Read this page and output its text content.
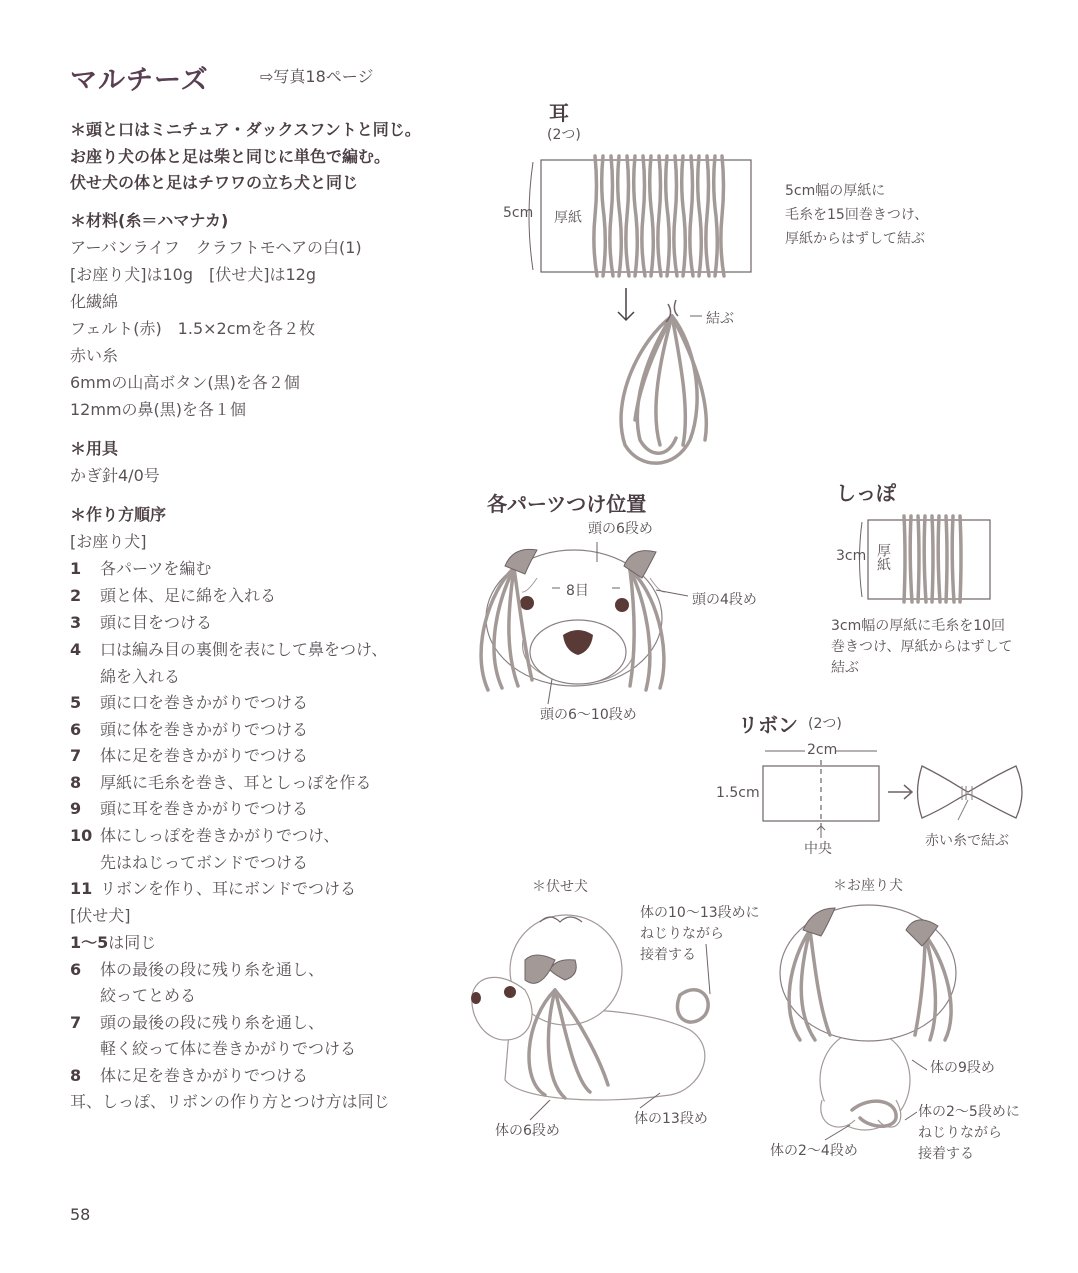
マルチーズ	⇨写真18ページ
＊頭と口はミニチュア・ダックスフントと同じ。
お座り犬の体と足は柴と同じに単色で編む。
伏せ犬の体と足はチワワの立ち犬と同じ
＊材料(糸＝ハマナカ)
アーバンライフ　クラフトモヘアの白(1)
[お座り犬]は10g　[伏せ犬]は12g
化繊綿
フェルト(赤)　1.5×2cmを各２枚
赤い糸
6mmの山高ボタン(黒)を各２個
12mmの鼻(黒)を各１個
＊用具
かぎ針4/0号
＊作り方順序
[お座り犬]
1 各パーツを編む
2 頭と体、足に綿を入れる
3 頭に目をつける
4 口は編み目の裏側を表にして鼻をつけ、
綿を入れる
5 頭に口を巻きかがりでつける
6 頭に体を巻きかがりでつける
7 体に足を巻きかがりでつける
8 厚紙に毛糸を巻き、耳としっぽを作る
9 頭に耳を巻きかがりでつける
10 体にしっぽを巻きかがりでつけ、
先はねじってボンドでつける
11 リボンを作り、耳にボンドでつける
[伏せ犬]
1～5は同じ
6 体の最後の段に残り糸を通し、
絞ってとめる
7 頭の最後の段に残り糸を通し、
軽く絞って体に巻きかがりでつける
8 体に足を巻きかがりでつける
耳、しっぽ、リボンの作り方とつけ方は同じ
58
耳
(2つ)
5cm 厚紙
5cm幅の厚紙に
毛糸を15回巻きつけ、
厚紙からはずして結ぶ
結ぶ
各パーツつけ位置
頭の6段め
8目
頭の4段め
頭の6～10段め
しっぽ
3cm 厚紙
3cm幅の厚紙に毛糸を10回
巻きつけ、厚紙からはずして
結ぶ
リボン (2つ)
2cm
1.5cm
中央	赤い糸で結ぶ
＊伏せ犬
体の10～13段めに
ねじりながら
接着する
体の6段め
体の13段め
＊お座り犬
体の9段め
体の2～5段めに
ねじりながら
接着する
体の2～4段め
